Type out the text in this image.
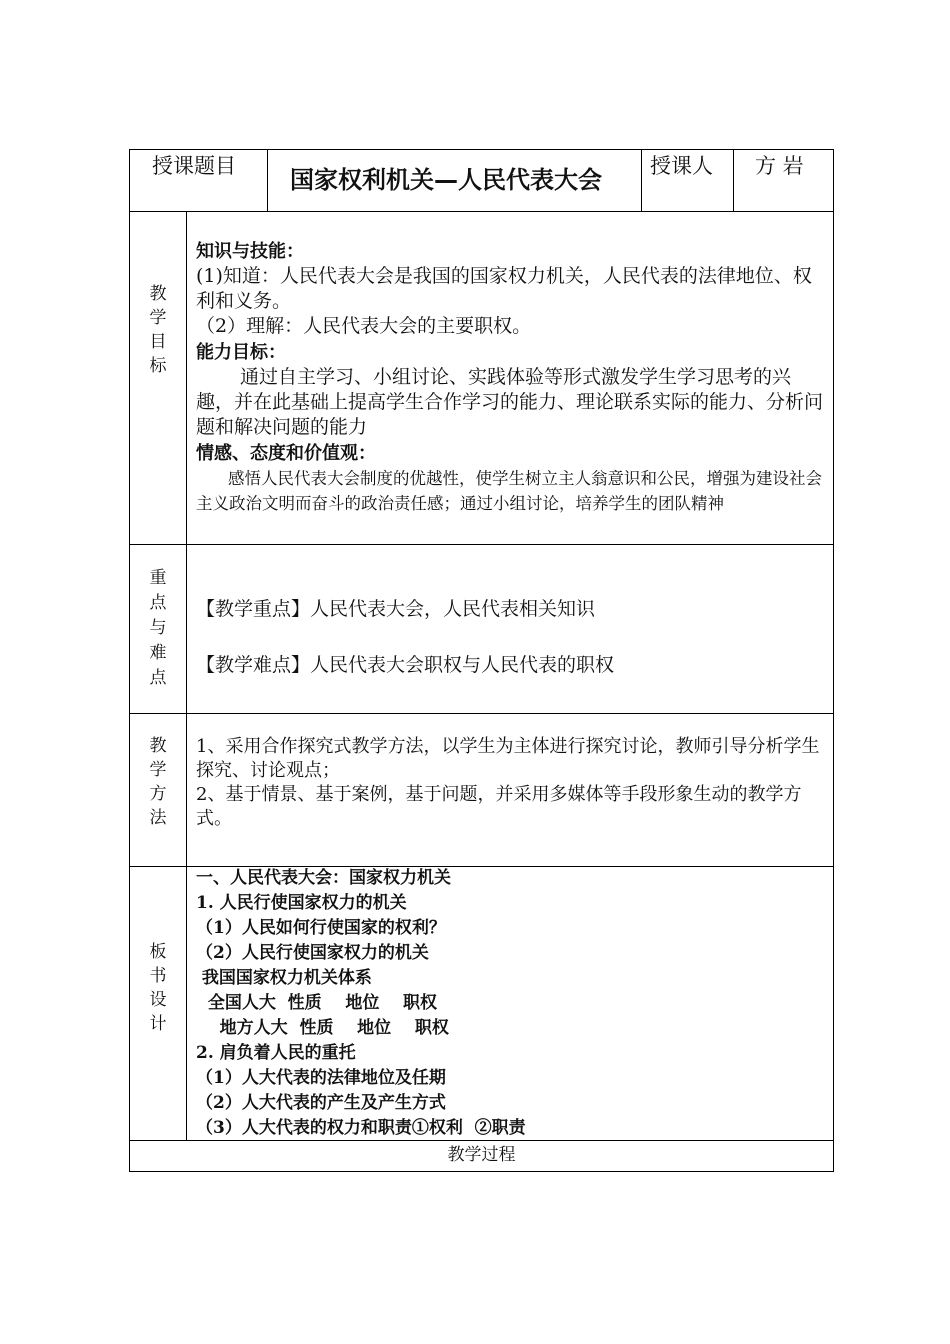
授课题目 国家权利机关—人民代表大会 授课人 方 岩
教
学
目
标
知识与技能：
(1)知道：人民代表大会是我国的国家权力机关，人民代表的法律地位、权利和义务。
（2）理解：人民代表大会的主要职权。
能力目标：
通过自主学习、小组讨论、实践体验等形式激发学生学习思考的兴趣，并在此基础上提高学生合作学习的能力、理论联系实际的能力、分析问题和解决问题的能力
情感、态度和价值观：
感悟人民代表大会制度的优越性，使学生树立主人翁意识和公民，增强为建设社会主义政治文明而奋斗的政治责任感；通过小组讨论，培养学生的团队精神
重
点
与
难
点
【教学重点】人民代表大会，人民代表相关知识
【教学难点】人民代表大会职权与人民代表的职权
教
学
方
法
1、采用合作探究式教学方法，以学生为主体进行探究讨论，教师引导分析学生探究、讨论观点；
2、基于情景、基于案例，基于问题，并采用多媒体等手段形象生动的教学方式。
板
书
设
计
一、人民代表大会：国家权力机关
1. 人民行使国家权力的机关
（1）人民如何行使国家的权利？
（2）人民行使国家权力的机关
我国国家权力机关体系
全国人大  性质    地位    职权
地方人大  性质    地位    职权
2. 肩负着人民的重托
（1）人大代表的法律地位及任期
（2）人大代表的产生及产生方式
（3）人大代表的权力和职责①权利  ②职责
教学过程
